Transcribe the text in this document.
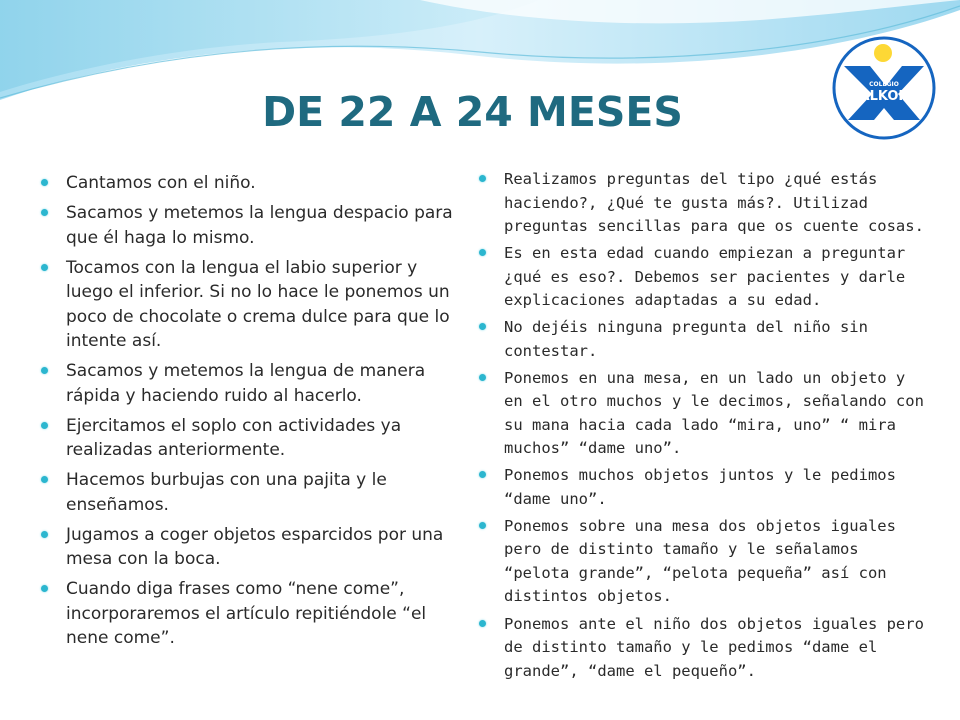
COLEGIO
ALKOR
DE 22 A 24 MESES
Cantamos con el niño.
Sacamos y metemos la lengua despacio para que él haga lo mismo.
Tocamos con la lengua el labio superior y luego el inferior. Si no lo hace le ponemos un poco de chocolate o crema dulce para que lo intente así.
Sacamos y metemos la lengua de manera rápida y haciendo ruido al hacerlo.
Ejercitamos el soplo con actividades ya realizadas anteriormente.
Hacemos burbujas con una pajita y le enseñamos.
Jugamos a coger objetos esparcidos por una mesa con la boca.
Cuando diga frases como “nene come”, incorporaremos el artículo repitiéndole “el nene come”.
Realizamos preguntas del tipo ¿qué estás haciendo?, ¿Qué te gusta más?. Utilizad preguntas sencillas para que os cuente cosas.
Es en esta edad cuando empiezan a preguntar ¿qué es eso?. Debemos ser pacientes y darle explicaciones adaptadas a su edad.
No dejéis ninguna pregunta del niño sin contestar.
Ponemos en una mesa, en un lado un objeto y en el otro muchos y le decimos, señalando con su mana hacia cada lado “mira, uno” “ mira muchos” “dame uno”.
Ponemos muchos objetos juntos y le pedimos “dame uno”.
Ponemos sobre una mesa dos objetos iguales pero de distinto tamaño y le señalamos “pelota grande”, “pelota pequeña” así con distintos objetos.
Ponemos ante el niño dos objetos iguales pero de distinto tamaño y le pedimos “dame el grande”, “dame el pequeño”.
